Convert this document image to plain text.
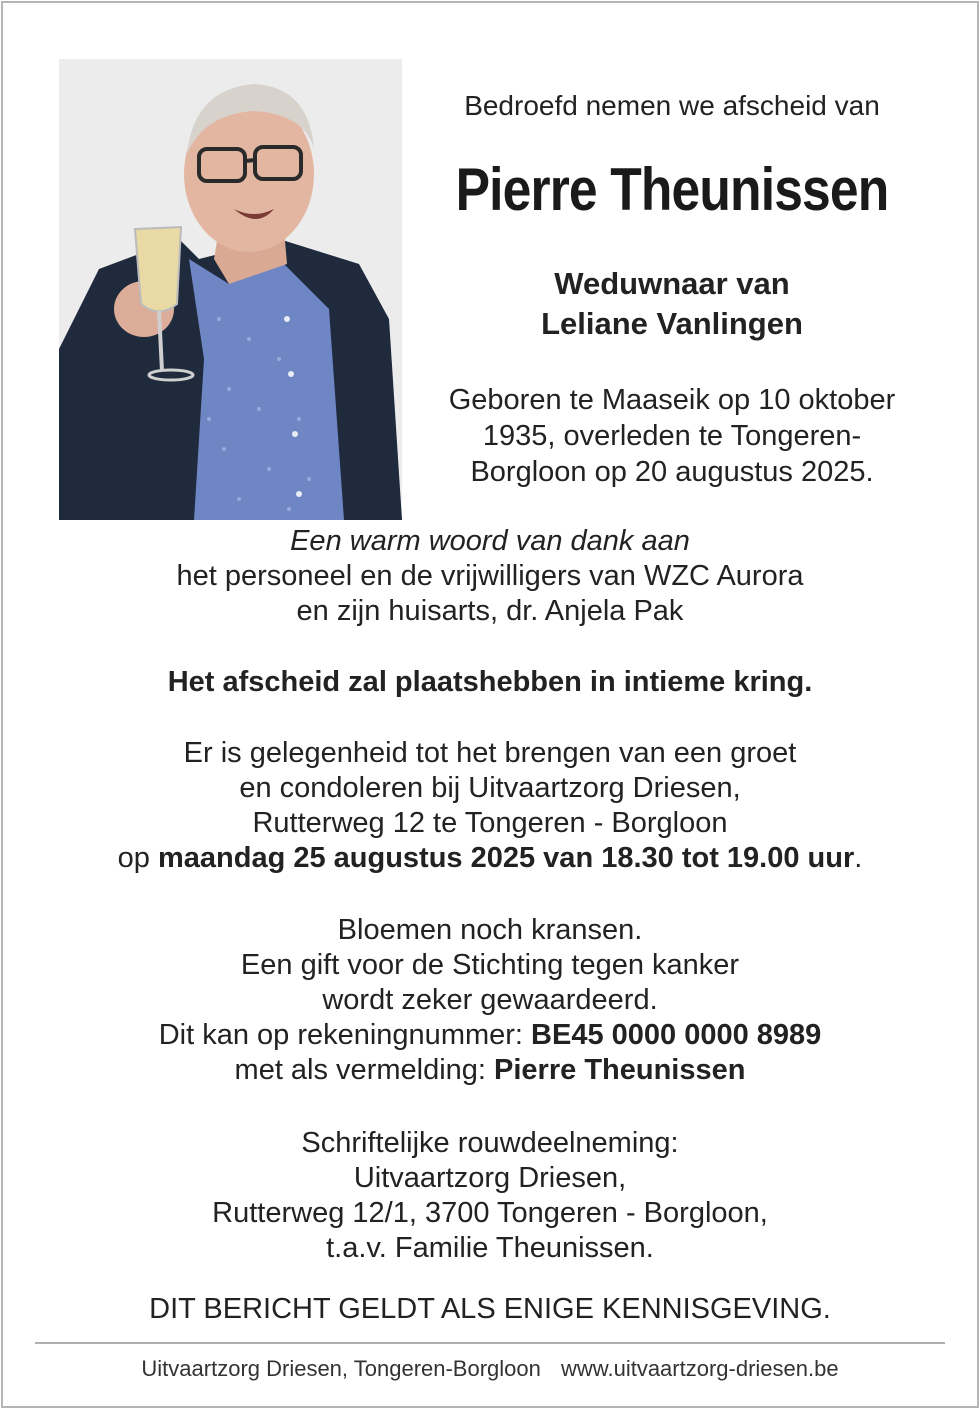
Bedroefd nemen we afscheid van
Pierre Theunissen
Weduwnaar van
Leliane Vanlingen
Geboren te Maaseik op 10 oktober
1935, overleden te Tongeren-
Borgloon op 20 augustus 2025.
Een warm woord van dank aan
het personeel en de vrijwilligers van WZC Aurora
en zijn huisarts, dr. Anjela Pak
Het afscheid zal plaatshebben in intieme kring.
Er is gelegenheid tot het brengen van een groet
en condoleren bij Uitvaartzorg Driesen,
Rutterweg 12 te Tongeren - Borgloon
op maandag 25 augustus 2025 van 18.30 tot 19.00 uur.
Bloemen noch kransen.
Een gift voor de Stichting tegen kanker
wordt zeker gewaardeerd.
Dit kan op rekeningnummer: BE45 0000 0000 8989
met als vermelding: Pierre Theunissen
Schriftelijke rouwdeelneming:
Uitvaartzorg Driesen,
Rutterweg 12/1, 3700 Tongeren - Borgloon,
t.a.v. Familie Theunissen.
DIT BERICHT GELDT ALS ENIGE KENNISGEVING.
Uitvaartzorg Driesen, Tongeren-Borgloon www.uitvaartzorg-driesen.be
